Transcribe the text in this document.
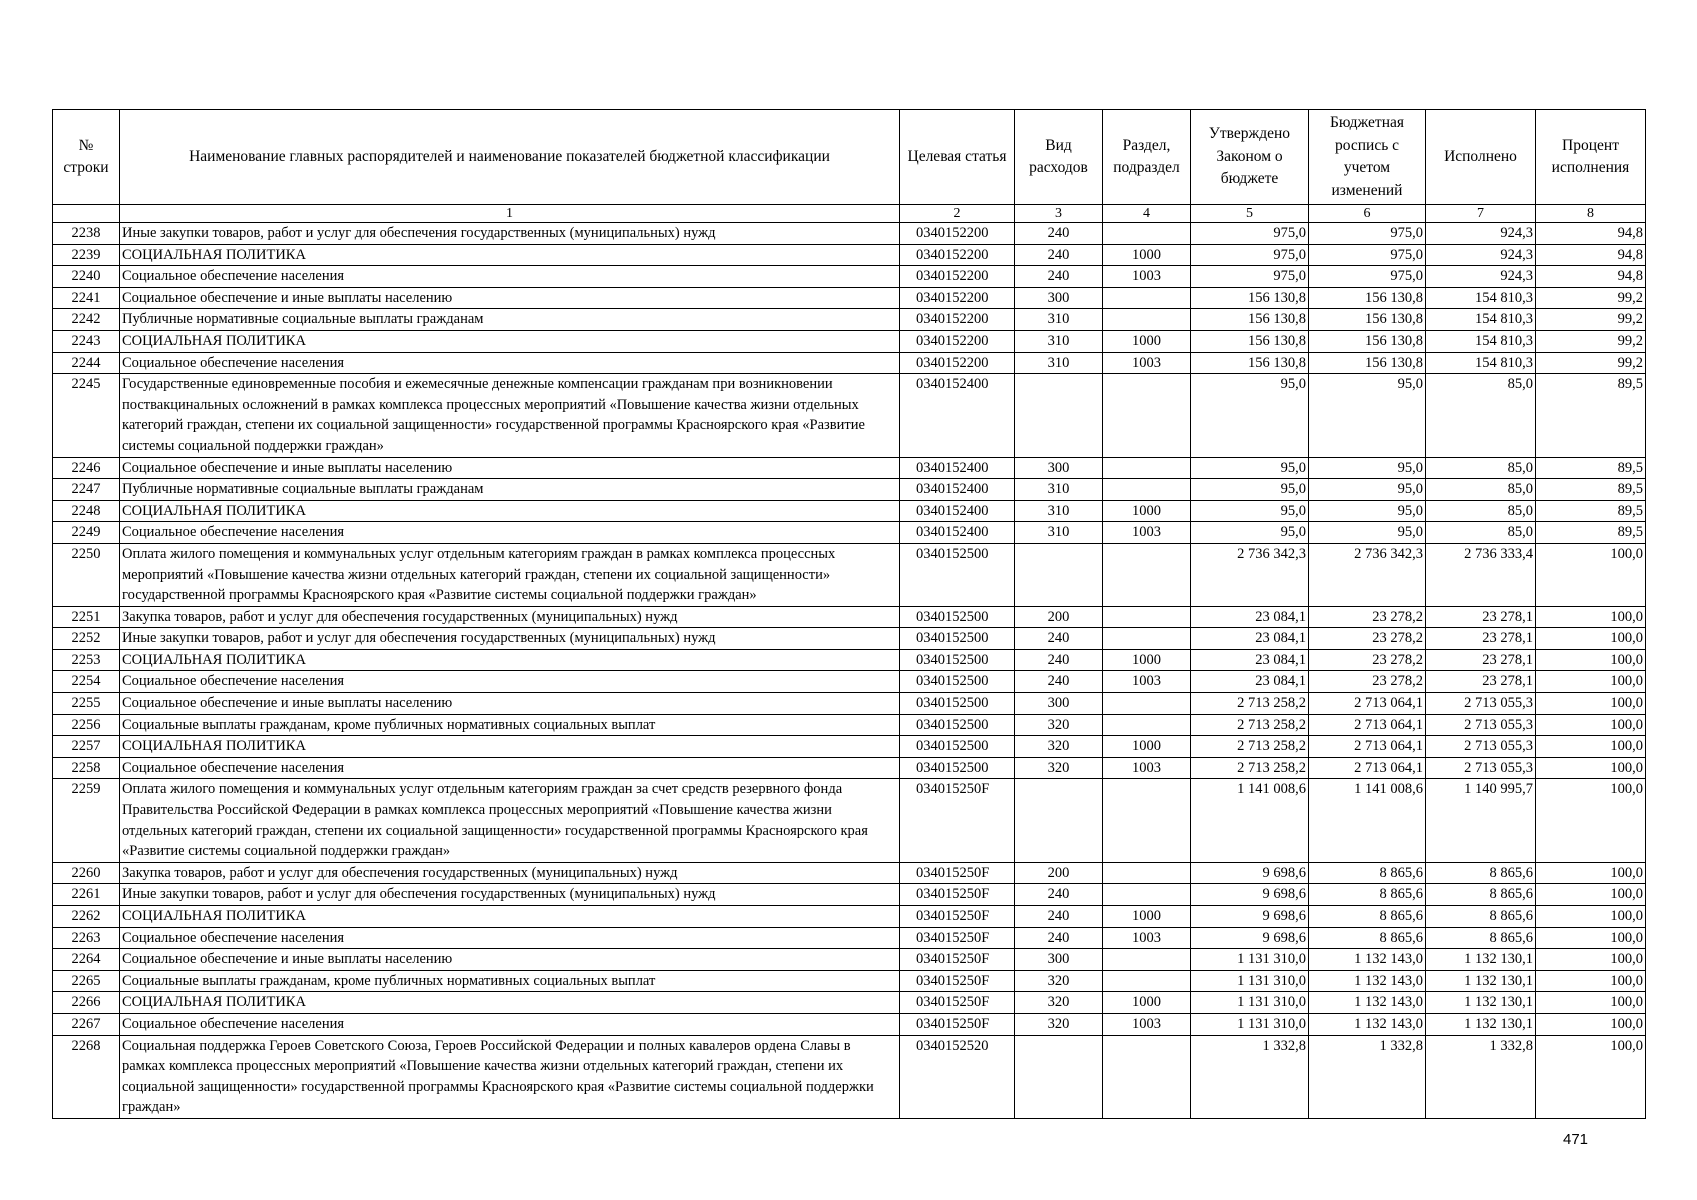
№ строки	Наименование главных распорядителей и наименование показателей бюджетной классификации	Целевая статья	Вид расходов	Раздел, подраздел	Утверждено Законом о бюджете	Бюджетная роспись с учетом изменений	Исполнено	Процент исполнения
	1	2	3	4	5	6	7	8
2238	Иные закупки товаров, работ и услуг для обеспечения государственных (муниципальных) нужд	0340152200	240		975,0	975,0	924,3	94,8
2239	СОЦИАЛЬНАЯ ПОЛИТИКА	0340152200	240	1000	975,0	975,0	924,3	94,8
2240	Социальное обеспечение населения	0340152200	240	1003	975,0	975,0	924,3	94,8
2241	Социальное обеспечение и иные выплаты населению	0340152200	300		156 130,8	156 130,8	154 810,3	99,2
2242	Публичные нормативные социальные выплаты гражданам	0340152200	310		156 130,8	156 130,8	154 810,3	99,2
2243	СОЦИАЛЬНАЯ ПОЛИТИКА	0340152200	310	1000	156 130,8	156 130,8	154 810,3	99,2
2244	Социальное обеспечение населения	0340152200	310	1003	156 130,8	156 130,8	154 810,3	99,2
2245	Государственные единовременные пособия и ежемесячные денежные компенсации гражданам при возникновении поствакцинальных осложнений в рамках комплекса процессных мероприятий «Повышение качества жизни отдельных категорий граждан, степени их социальной защищенности» государственной программы Красноярского края «Развитие системы социальной поддержки граждан»	0340152400			95,0	95,0	85,0	89,5
2246	Социальное обеспечение и иные выплаты населению	0340152400	300		95,0	95,0	85,0	89,5
2247	Публичные нормативные социальные выплаты гражданам	0340152400	310		95,0	95,0	85,0	89,5
2248	СОЦИАЛЬНАЯ ПОЛИТИКА	0340152400	310	1000	95,0	95,0	85,0	89,5
2249	Социальное обеспечение населения	0340152400	310	1003	95,0	95,0	85,0	89,5
2250	Оплата жилого помещения и коммунальных услуг отдельным категориям граждан в рамках комплекса процессных мероприятий «Повышение качества жизни отдельных категорий граждан, степени их социальной защищенности» государственной программы Красноярского края «Развитие системы социальной поддержки граждан»	0340152500			2 736 342,3	2 736 342,3	2 736 333,4	100,0
2251	Закупка товаров, работ и услуг для обеспечения государственных (муниципальных) нужд	0340152500	200		23 084,1	23 278,2	23 278,1	100,0
2252	Иные закупки товаров, работ и услуг для обеспечения государственных (муниципальных) нужд	0340152500	240		23 084,1	23 278,2	23 278,1	100,0
2253	СОЦИАЛЬНАЯ ПОЛИТИКА	0340152500	240	1000	23 084,1	23 278,2	23 278,1	100,0
2254	Социальное обеспечение населения	0340152500	240	1003	23 084,1	23 278,2	23 278,1	100,0
2255	Социальное обеспечение и иные выплаты населению	0340152500	300		2 713 258,2	2 713 064,1	2 713 055,3	100,0
2256	Социальные выплаты гражданам, кроме публичных нормативных социальных выплат	0340152500	320		2 713 258,2	2 713 064,1	2 713 055,3	100,0
2257	СОЦИАЛЬНАЯ ПОЛИТИКА	0340152500	320	1000	2 713 258,2	2 713 064,1	2 713 055,3	100,0
2258	Социальное обеспечение населения	0340152500	320	1003	2 713 258,2	2 713 064,1	2 713 055,3	100,0
2259	Оплата жилого помещения и коммунальных услуг отдельным категориям граждан за счет средств резервного фонда Правительства Российской Федерации в рамках комплекса процессных мероприятий «Повышение качества жизни отдельных категорий граждан, степени их социальной защищенности» государственной программы Красноярского края «Развитие системы социальной поддержки граждан»	034015250F			1 141 008,6	1 141 008,6	1 140 995,7	100,0
2260	Закупка товаров, работ и услуг для обеспечения государственных (муниципальных) нужд	034015250F	200		9 698,6	8 865,6	8 865,6	100,0
2261	Иные закупки товаров, работ и услуг для обеспечения государственных (муниципальных) нужд	034015250F	240		9 698,6	8 865,6	8 865,6	100,0
2262	СОЦИАЛЬНАЯ ПОЛИТИКА	034015250F	240	1000	9 698,6	8 865,6	8 865,6	100,0
2263	Социальное обеспечение населения	034015250F	240	1003	9 698,6	8 865,6	8 865,6	100,0
2264	Социальное обеспечение и иные выплаты населению	034015250F	300		1 131 310,0	1 132 143,0	1 132 130,1	100,0
2265	Социальные выплаты гражданам, кроме публичных нормативных социальных выплат	034015250F	320		1 131 310,0	1 132 143,0	1 132 130,1	100,0
2266	СОЦИАЛЬНАЯ ПОЛИТИКА	034015250F	320	1000	1 131 310,0	1 132 143,0	1 132 130,1	100,0
2267	Социальное обеспечение населения	034015250F	320	1003	1 131 310,0	1 132 143,0	1 132 130,1	100,0
2268	Социальная поддержка Героев Советского Союза, Героев Российской Федерации и полных кавалеров ордена Славы в рамках комплекса процессных мероприятий «Повышение качества жизни отдельных категорий граждан, степени их социальной защищенности» государственной программы Красноярского края «Развитие системы социальной поддержки граждан»	0340152520			1 332,8	1 332,8	1 332,8	100,0
471
